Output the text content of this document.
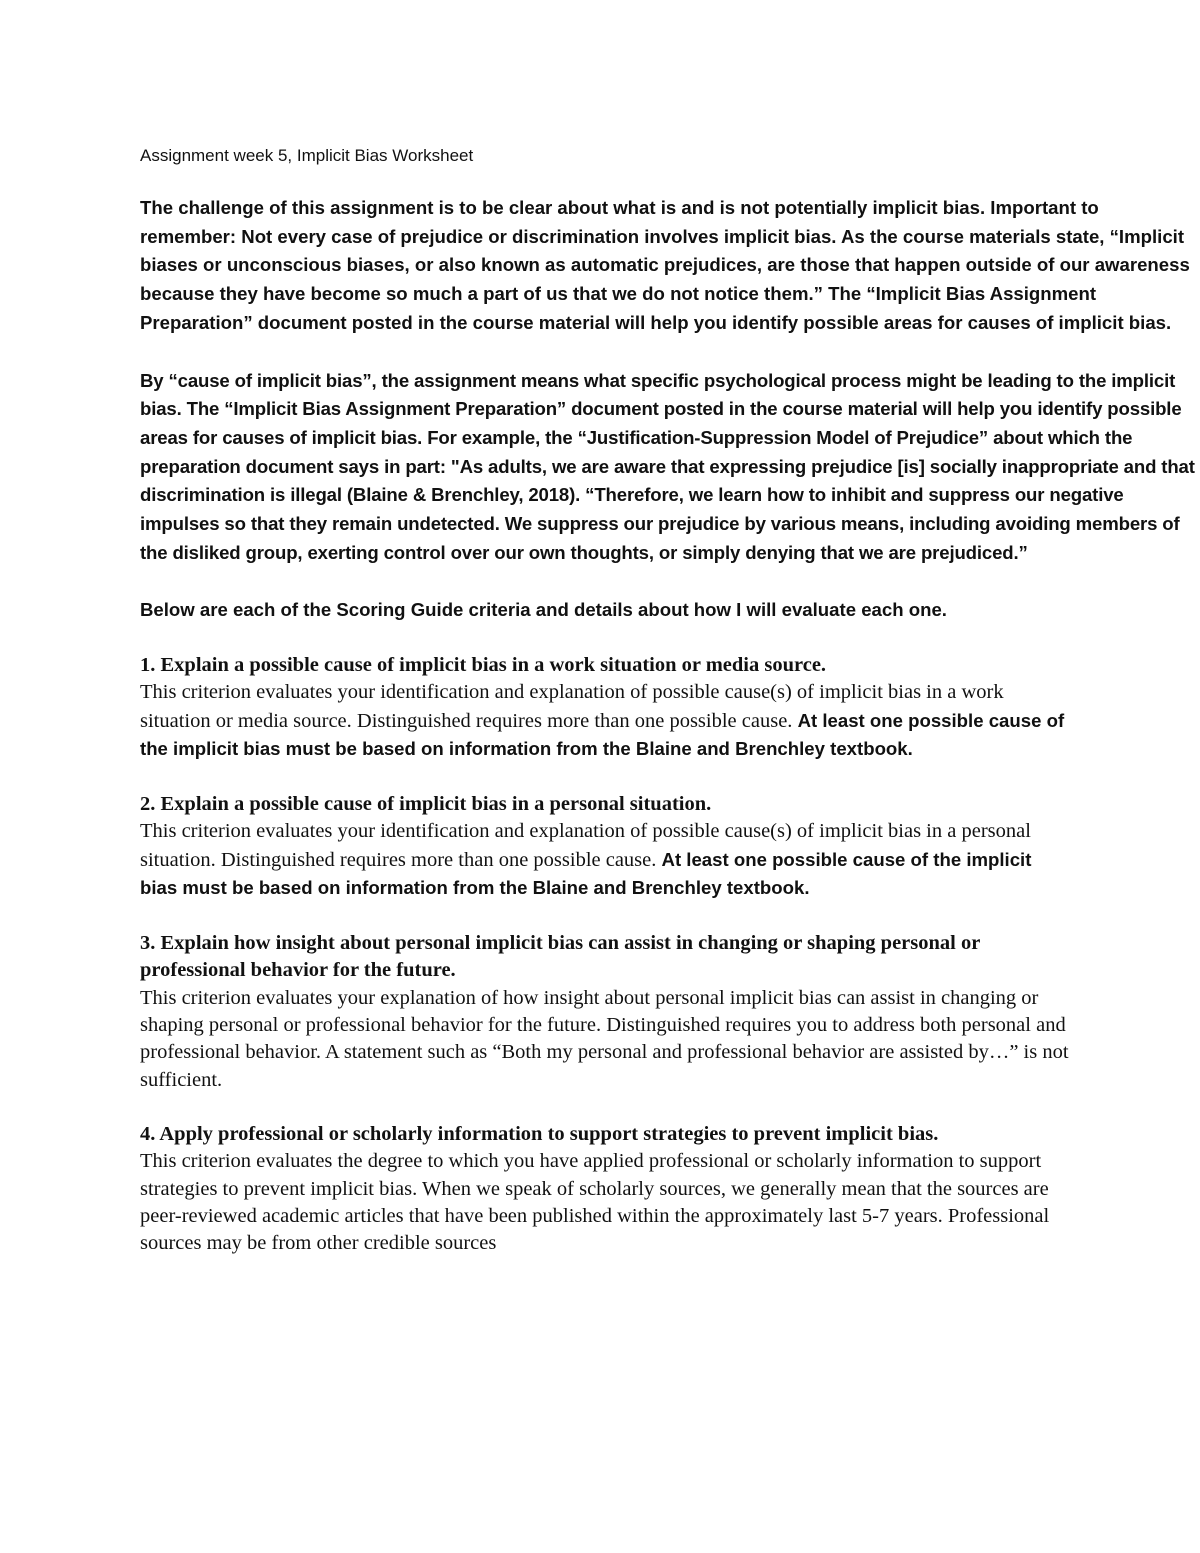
Assignment week 5, Implicit Bias Worksheet

The challenge of this assignment is to be clear about what is and is not potentially implicit bias. Important to remember: Not every case of prejudice or discrimination involves implicit bias. As the course materials state, “Implicit biases or unconscious biases, or also known as automatic prejudices, are those that happen outside of our awareness because they have become so much a part of us that we do not notice them.” The “Implicit Bias Assignment Preparation” document posted in the course material will help you identify possible areas for causes of implicit bias.

By “cause of implicit bias”, the assignment means what specific psychological process might be leading to the implicit bias. The “Implicit Bias Assignment Preparation” document posted in the course material will help you identify possible areas for causes of implicit bias. For example, the “Justification-Suppression Model of Prejudice” about which the preparation document says in part: "As adults, we are aware that expressing prejudice [is] socially inappropriate and that discrimination is illegal (Blaine & Brenchley, 2018). “Therefore, we learn how to inhibit and suppress our negative impulses so that they remain undetected. We suppress our prejudice by various means, including avoiding members of the disliked group, exerting control over our own thoughts, or simply denying that we are prejudiced.”

Below are each of the Scoring Guide criteria and details about how I will evaluate each one.

1. Explain a possible cause of implicit bias in a work situation or media source.

This criterion evaluates your identification and explanation of possible cause(s) of implicit bias in a work situation or media source. Distinguished requires more than one possible cause. At least one possible cause of the implicit bias must be based on information from the Blaine and Brenchley textbook.

2. Explain a possible cause of implicit bias in a personal situation.

This criterion evaluates your identification and explanation of possible cause(s) of implicit bias in a personal situation. Distinguished requires more than one possible cause. At least one possible cause of the implicit bias must be based on information from the Blaine and Brenchley textbook.

3. Explain how insight about personal implicit bias can assist in changing or shaping personal or professional behavior for the future.

This criterion evaluates your explanation of how insight about personal implicit bias can assist in changing or shaping personal or professional behavior for the future. Distinguished requires you to address both personal and professional behavior. A statement such as “Both my personal and professional behavior are assisted by…” is not sufficient.

4. Apply professional or scholarly information to support strategies to prevent implicit bias.

This criterion evaluates the degree to which you have applied professional or scholarly information to support strategies to prevent implicit bias. When we speak of scholarly sources, we generally mean that the sources are peer-reviewed academic articles that have been published within the approximately last 5-7 years. Professional sources may be from other credible sources
